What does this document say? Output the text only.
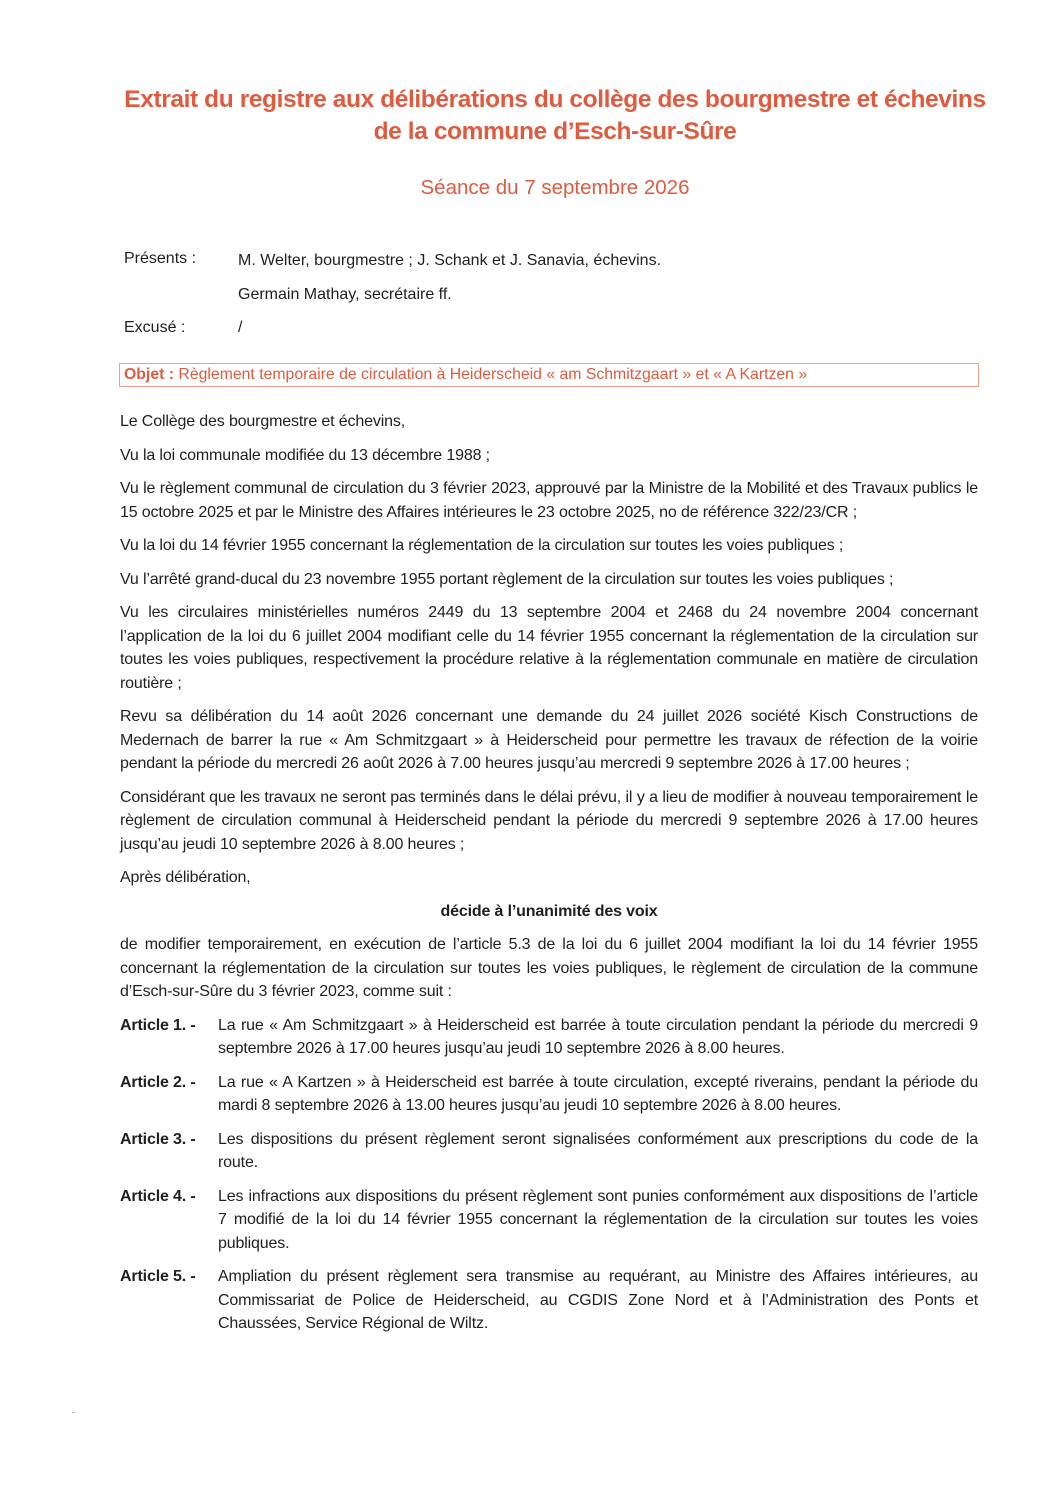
Extrait du registre aux délibérations du collège des bourgmestre et échevins
de la commune d’Esch-sur-Sûre
Séance du 7 septembre 2026
Présents :	M. Welter, bourgmestre ; J. Schank et J. Sanavia, échevins.
Germain Mathay, secrétaire ff.
Excusé :	/
Objet : Règlement temporaire de circulation à Heiderscheid « am Schmitzgaart » et « A Kartzen »

Le Collège des bourgmestre et échevins,

Vu la loi communale modifiée du 13 décembre 1988 ;

Vu le règlement communal de circulation du 3 février 2023, approuvé par la Ministre de la Mobilité et des Travaux publics le 15 octobre 2025 et par le Ministre des Affaires intérieures le 23 octobre 2025, no de référence 322/23/CR ;

Vu la loi du 14 février 1955 concernant la réglementation de la circulation sur toutes les voies publiques ;

Vu l’arrêté grand-ducal du 23 novembre 1955 portant règlement de la circulation sur toutes les voies publiques ;

Vu les circulaires ministérielles numéros 2449 du 13 septembre 2004 et 2468 du 24 novembre 2004 concernant l’application de la loi du 6 juillet 2004 modifiant celle du 14 février 1955 concernant la réglementation de la circulation sur toutes les voies publiques, respectivement la procédure relative à la réglementation communale en matière de circulation routière ;

Revu sa délibération du 14 août 2026 concernant une demande du 24 juillet 2026 société Kisch Constructions de Medernach de barrer la rue « Am Schmitzgaart » à Heiderscheid pour permettre les travaux de réfection de la voirie pendant la période du mercredi 26 août 2026 à 7.00 heures jusqu’au mercredi 9 septembre 2026 à 17.00 heures ;

Considérant que les travaux ne seront pas terminés dans le délai prévu, il y a lieu de modifier à nouveau temporairement le règlement de circulation communal à Heiderscheid pendant la période du mercredi 9 septembre 2026 à 17.00 heures jusqu’au jeudi 10 septembre 2026 à 8.00 heures ;

Après délibération,

décide à l’unanimité des voix

de modifier temporairement, en exécution de l’article 5.3 de la loi du 6 juillet 2004 modifiant la loi du 14 février 1955 concernant la réglementation de la circulation sur toutes les voies publiques, le règlement de circulation de la commune d’Esch-sur-Sûre du 3 février 2023, comme suit :

Article 1. -	La rue « Am Schmitzgaart » à Heiderscheid est barrée à toute circulation pendant la période du mercredi 9 septembre 2026 à 17.00 heures jusqu’au jeudi 10 septembre 2026 à 8.00 heures.
Article 2. -	La rue « A Kartzen » à Heiderscheid est barrée à toute circulation, excepté riverains, pendant la période du mardi 8 septembre 2026 à 13.00 heures jusqu’au jeudi 10 septembre 2026 à 8.00 heures.
Article 3. -	Les dispositions du présent règlement seront signalisées conformément aux prescriptions du code de la route.
Article 4. -	Les infractions aux dispositions du présent règlement sont punies conformément aux dispositions de l’article 7 modifié de la loi du 14 février 1955 concernant la réglementation de la circulation sur toutes les voies publiques.
Article 5. -	Ampliation du présent règlement sera transmise au requérant, au Ministre des Affaires intérieures, au Commissariat de Police de Heiderscheid, au CGDIS Zone Nord et à l’Administration des Ponts et Chaussées, Service Régional de Wiltz.
